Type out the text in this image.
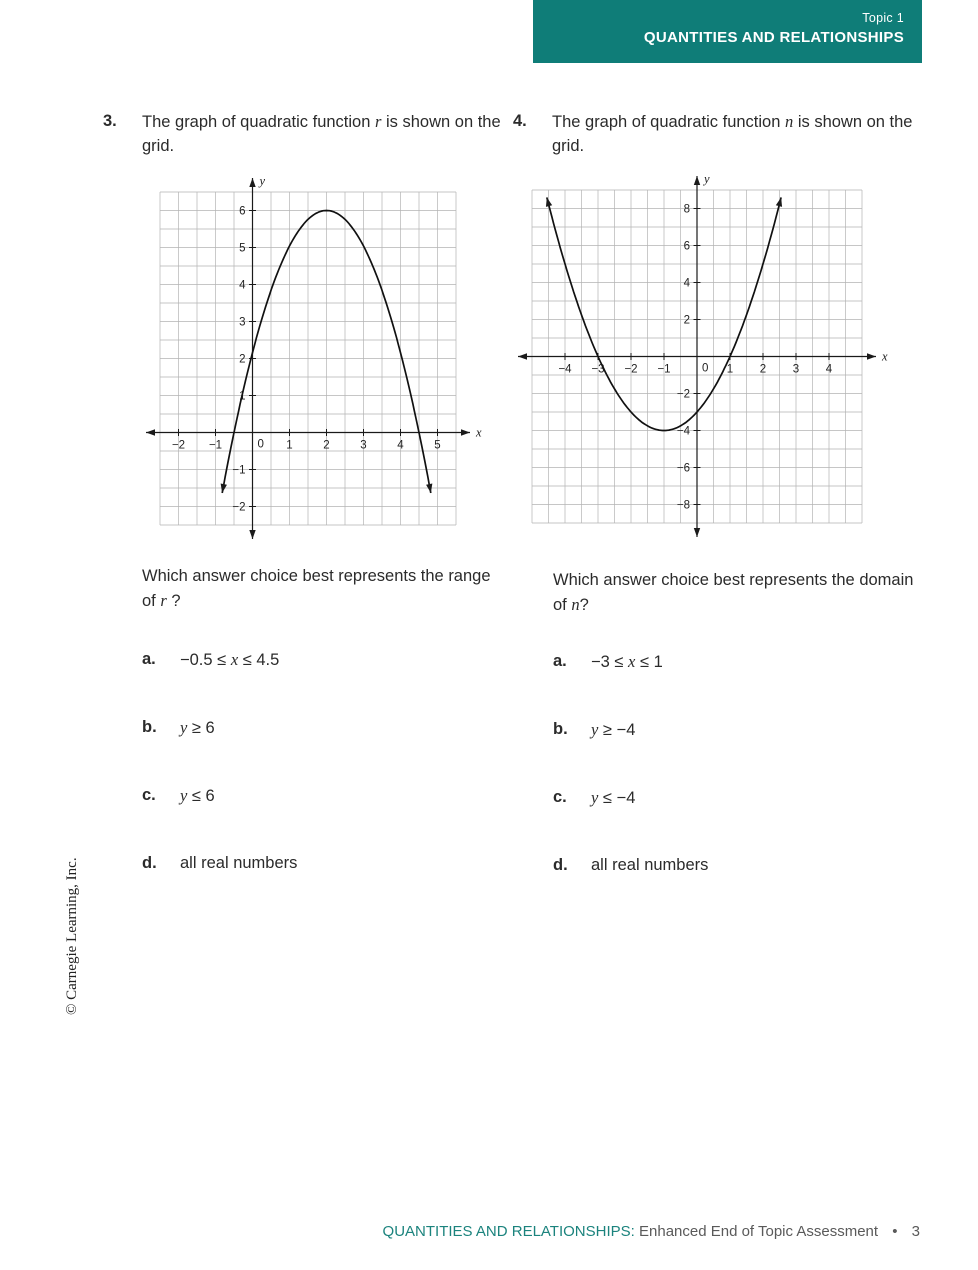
Topic 1
QUANTITIES AND RELATIONSHIPS
3.	The graph of quadratic function r is shown on the grid.
−2 −1	1	2	3	4	5
−2
−1
1
2
3
4
5
6
0
x
y
Which answer choice best represents the range of r ?
a.	−0.5 ≤ x ≤ 4.5
b.	y ≥ 6
c.	y ≤ 6
d.	all real numbers
4.	The graph of quadratic function n is shown on the grid.
−4 −3 −2 −1	1 2 3 4
−8
−6
−4
−2
2
4
6
8
0
x
y
Which answer choice best represents the domain of n?
a.	−3 ≤ x ≤ 1
b.	y ≥ −4
c.	y ≤ −4
d.	all real numbers
© Carnegie Learning, Inc.
QUANTITIES AND RELATIONSHIPS: Enhanced End of Topic Assessment • 3
